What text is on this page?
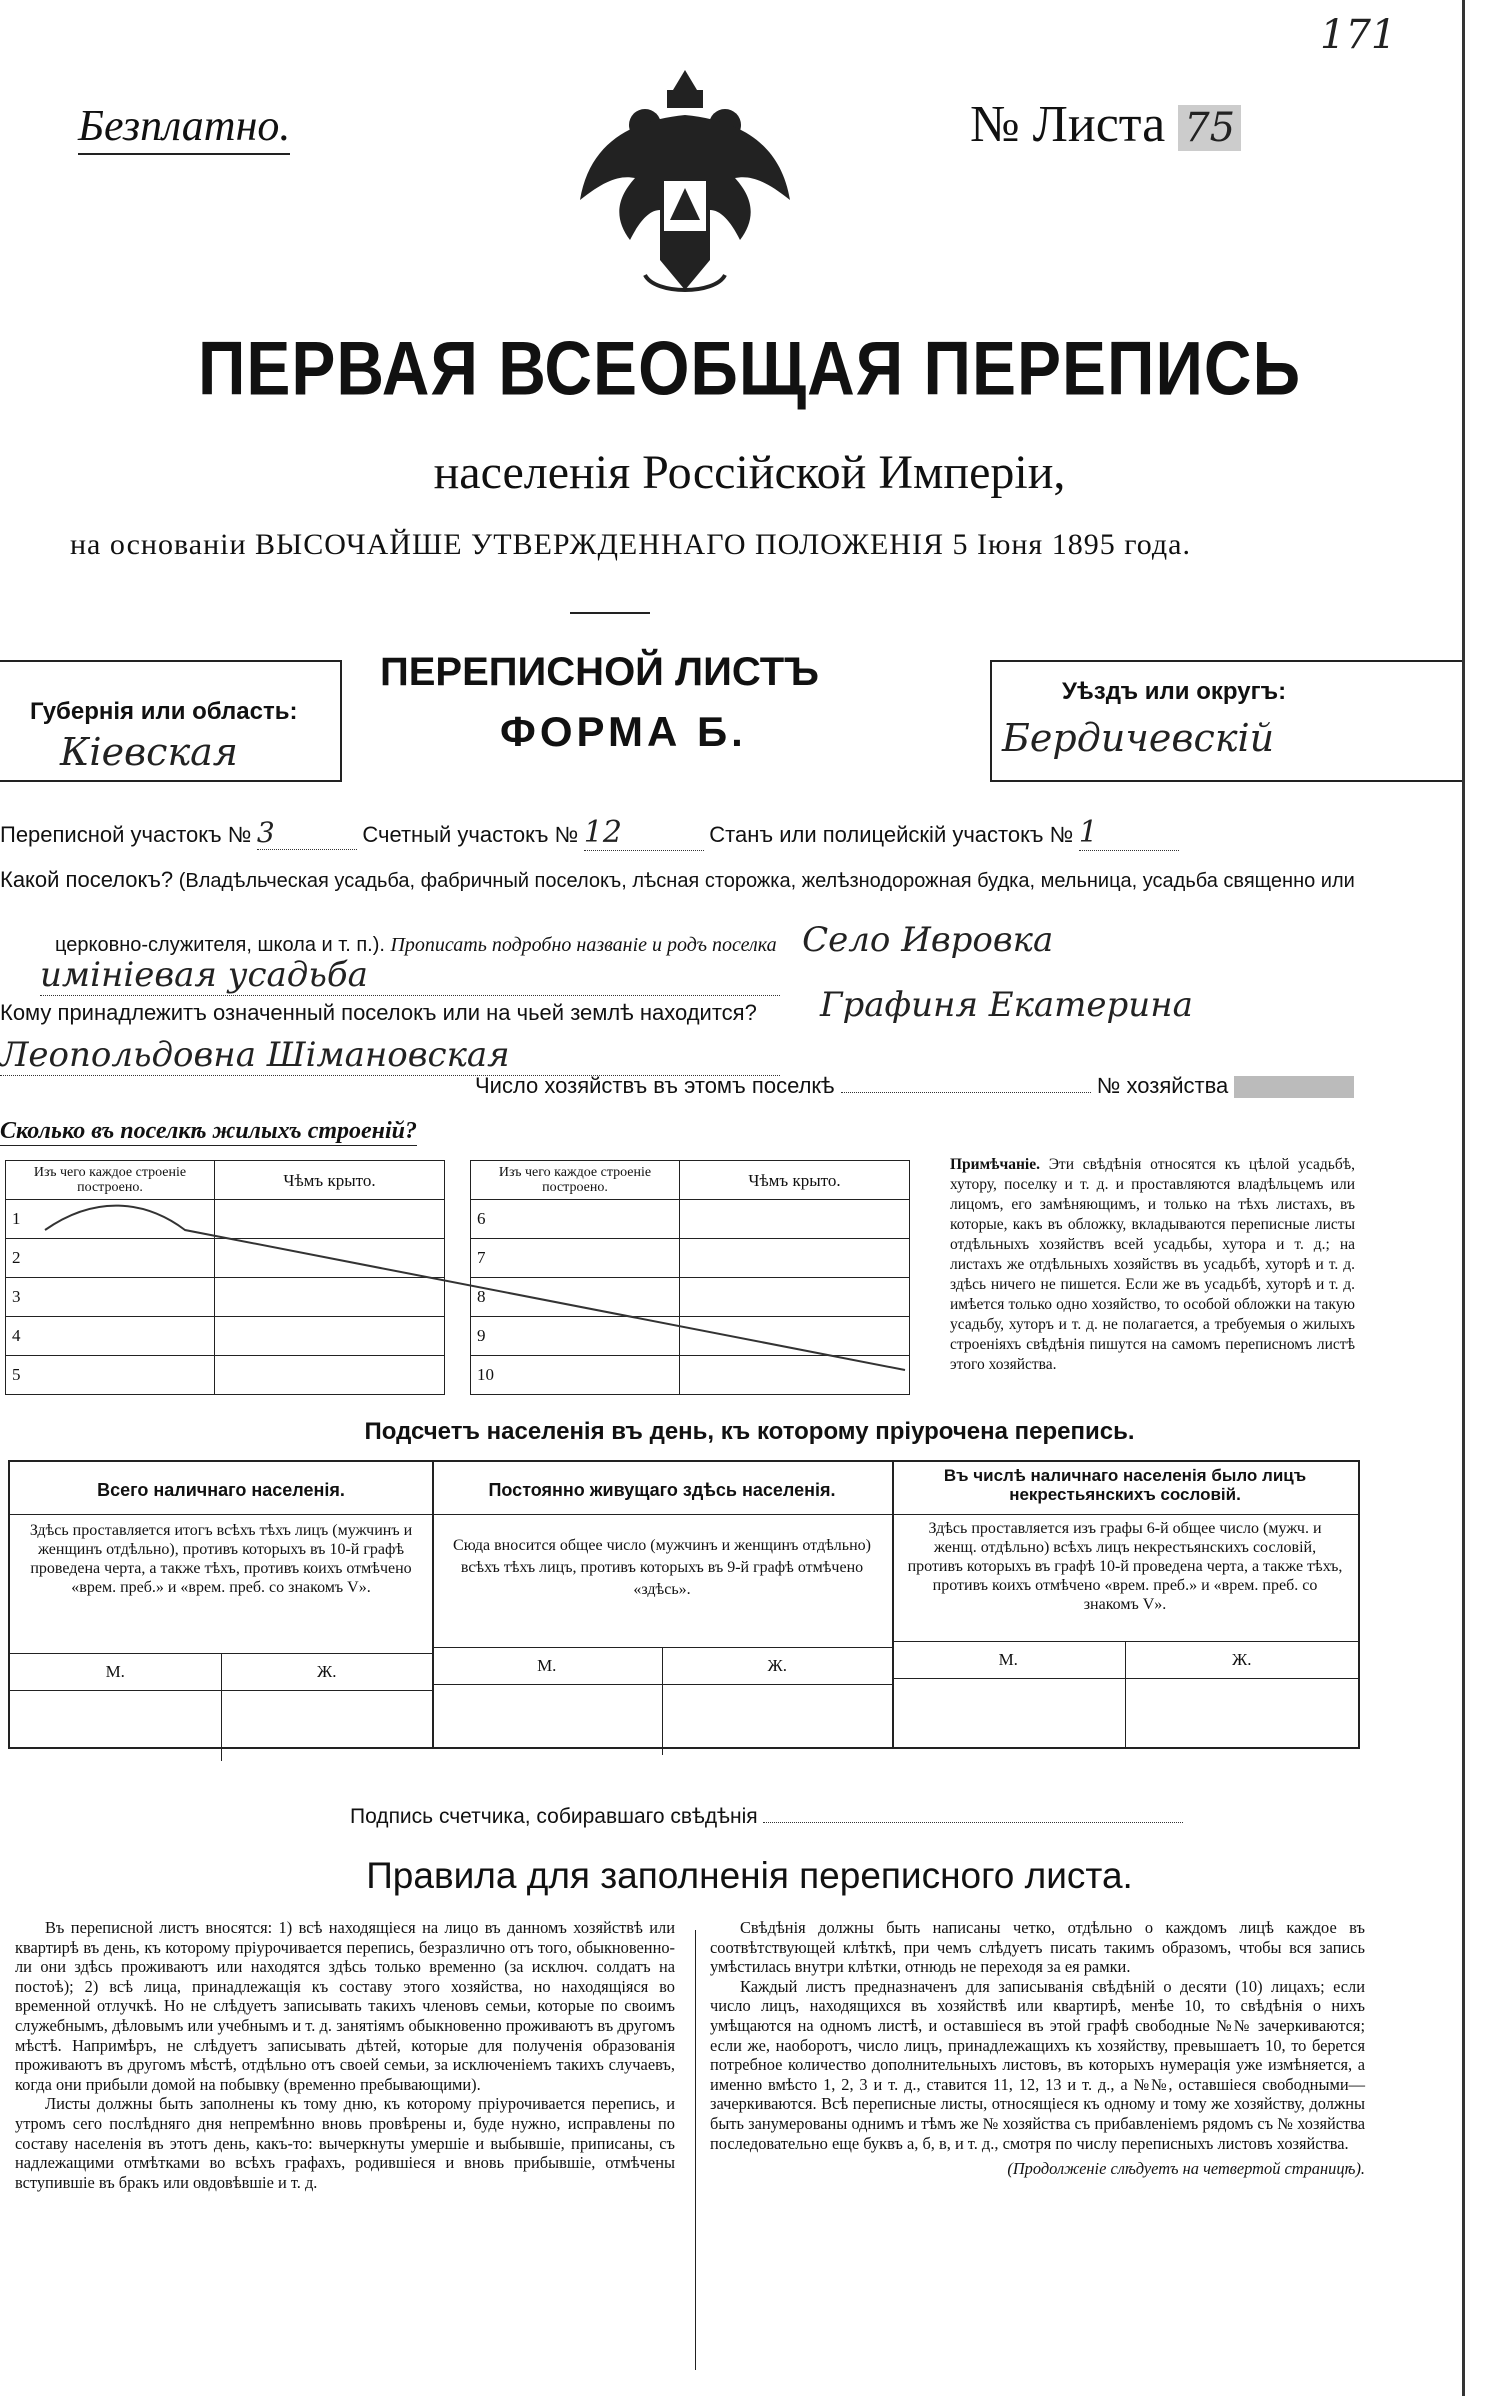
171
Безплатно.	№ Листа 75
ПЕРВАЯ ВСЕОБЩАЯ ПЕРЕПИСЬ
населенія Россійской Имперіи,
на основаніи ВЫСОЧАЙШЕ УТВЕРЖДЕННАГО ПОЛОЖЕНІЯ 5 Іюня 1895 года.
Губернія или область:
Кіевская
ПЕРЕПИСНОЙ ЛИСТЪ
ФОРМА Б.
Уѣздъ или округъ:
Бердичевскій
Переписной участокъ № 3	Счетный участокъ № 12	Станъ или полицейскій участокъ № 1
Какой поселокъ? (Владѣльческая усадьба, фабричный поселокъ, лѣсная сторожка, желѣзнодорожная будка, мельница, усадьба священно или
церковно-служителя, школа и т. п.). Прописать подробно названіе и родъ поселка Село Ивровка
имініевая усадьба
Кому принадлежитъ означенный поселокъ или на чьей землѣ находится? Графиня Екатерина
Леопольдовна Шімановская
Число хозяйствъ въ этомъ поселкѣ	№ хозяйства
Сколько въ поселкѣ жилыхъ строеній?
Изъ чего каждое строеніе построено.	Чѣмъ крыто.
1	
2	
3	
4	
5	
Изъ чего каждое строеніе построено.	Чѣмъ крыто.
6	
7	
8	
9	
10	
Примѣчаніе. Эти свѣдѣнія относятся къ цѣлой усадьбѣ, хутору, поселку и т. д. и проставляются владѣльцемъ или лицомъ, его замѣняющимъ, и только на тѣхъ листахъ, въ которые, какъ въ обложку, вкладываются переписные листы отдѣльныхъ хозяйствъ всей усадьбы, хутора и т. д.; на листахъ же отдѣльныхъ хозяйствъ въ усадьбѣ, хуторѣ и т. д. здѣсь ничего не пишется. Если же въ усадьбѣ, хуторѣ и т. д. имѣется только одно хозяйство, то особой обложки на такую усадьбу, хуторъ и т. д. не полагается, а требуемыя о жилыхъ строеніяхъ свѣдѣнія пишутся на самомъ переписномъ листѣ этого хозяйства.
Подсчетъ населенія въ день, къ которому пріурочена перепись.
Всего наличнаго населенія.
Здѣсь проставляется итогъ всѣхъ тѣхъ лицъ (мужчинъ и женщинъ отдѣльно), противъ которыхъ въ 10-й графѣ проведена черта, а также тѣхъ, противъ коихъ отмѣчено «врем. преб.» и «врем. преб. со знакомъ V».
М.	Ж.
Постоянно живущаго здѣсь населенія.
Сюда вносится общее число (мужчинъ и женщинъ отдѣльно) всѣхъ тѣхъ лицъ, противъ которыхъ въ 9-й графѣ отмѣчено «здѣсь».
М.	Ж.
Въ числѣ наличнаго населенія было лицъ некрестьянскихъ сословій.
Здѣсь проставляется изъ графы 6-й общее число (мужч. и женщ. отдѣльно) всѣхъ лицъ некрестьянскихъ сословій, противъ которыхъ въ графѣ 10-й проведена черта, а также тѣхъ, противъ коихъ отмѣчено «врем. преб.» и «врем. преб. со знакомъ V».
М.	Ж.
Подпись счетчика, собиравшаго свѣдѣнія
Правила для заполненія переписного листа.
Въ переписной листъ вносятся: 1) всѣ находящіеся на лицо въ данномъ хозяйствѣ или квартирѣ въ день, къ которому пріурочивается перепись, безразлично отъ того, обыкновенно-ли они здѣсь проживаютъ или находятся здѣсь только временно (за исключ. солдатъ на постоѣ); 2) всѣ лица, принадлежащія къ составу этого хозяйства, но находящіяся во временной отлучкѣ. Но не слѣдуетъ записывать такихъ членовъ семьи, которые по своимъ служебнымъ, дѣловымъ или учебнымъ и т. д. занятіямъ обыкновенно проживаютъ въ другомъ мѣстѣ. Напримѣръ, не слѣдуетъ записывать дѣтей, которые для полученія образованія проживаютъ въ другомъ мѣстѣ, отдѣльно отъ своей семьи, за исключеніемъ такихъ случаевъ, когда они прибыли домой на побывку (временно пребывающими).
Листы должны быть заполнены къ тому дню, къ которому пріурочивается перепись, и утромъ сего послѣдняго дня непремѣнно вновь провѣрены и, буде нужно, исправлены по составу населенія въ этотъ день, какъ-то: вычеркнуты умершіе и выбывшіе, приписаны, съ надлежащими отмѣтками во всѣхъ графахъ, родившіеся и вновь прибывшіе, отмѣчены вступившіе въ бракъ или овдовѣвшіе и т. д.
Свѣдѣнія должны быть написаны четко, отдѣльно о каждомъ лицѣ каждое въ соотвѣтствующей клѣткѣ, при чемъ слѣдуетъ писать такимъ образомъ, чтобы вся запись умѣстилась внутри клѣтки, отнюдь не переходя за ея рамки.
Каждый листъ предназначенъ для записыванія свѣдѣній о десяти (10) лицахъ; если число лицъ, находящихся въ хозяйствѣ или квартирѣ, менѣе 10, то свѣдѣнія о нихъ умѣщаются на одномъ листѣ, и оставшіеся въ этой графѣ свободные №№ зачеркиваются; если же, наоборотъ, число лицъ, принадлежащихъ къ хозяйству, превышаетъ 10, то берется потребное количество дополнительныхъ листовъ, въ которыхъ нумерація уже измѣняется, а именно вмѣсто 1, 2, 3 и т. д., ставится 11, 12, 13 и т. д., а №№, оставшіеся свободными—зачеркиваются. Всѣ переписные листы, относящіеся къ одному и тому же хозяйству, должны быть занумерованы однимъ и тѣмъ же № хозяйства съ прибавленіемъ рядомъ съ № хозяйства последовательно еще буквъ а, б, в, и т. д., смотря по числу переписныхъ листовъ хозяйства.
(Продолженіе слѣдуетъ на четвертой страницѣ).
